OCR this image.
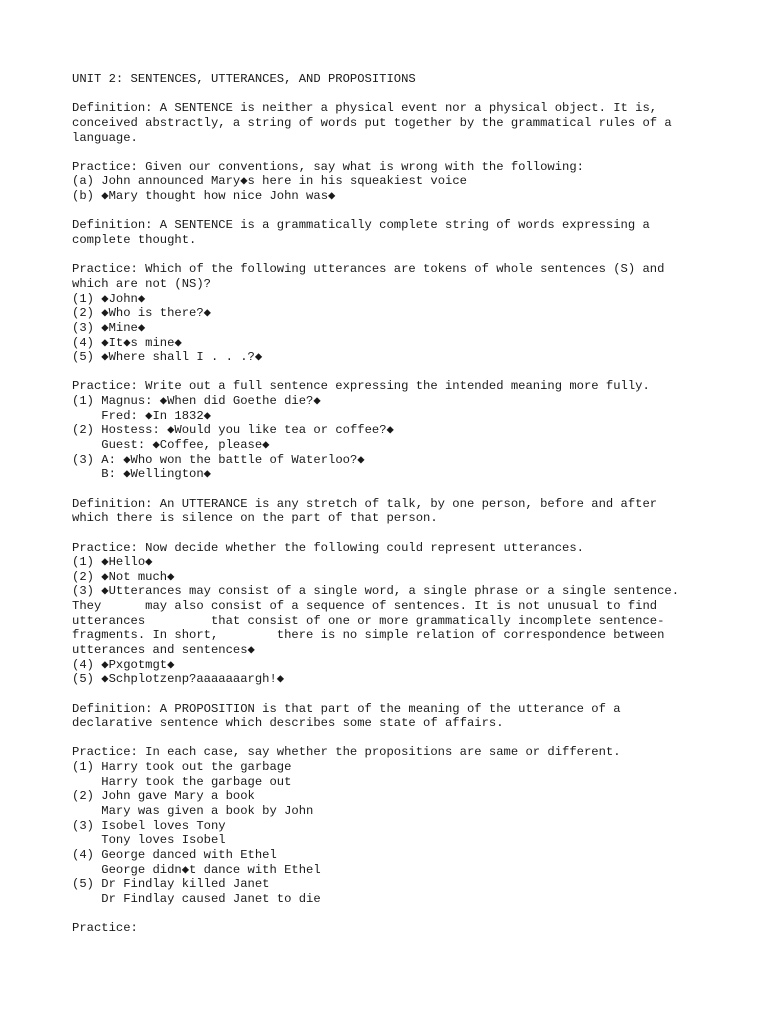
UNIT 2: SENTENCES, UTTERANCES, AND PROPOSITIONS
Definition: A SENTENCE is neither a physical event nor a physical object. It is,
conceived abstractly, a string of words put together by the grammatical rules of a
language.
Practice: Given our conventions, say what is wrong with the following:
(a) John announced Mary◆s here in his squeakiest voice
(b) ◆Mary thought how nice John was◆
Definition: A SENTENCE is a grammatically complete string of words expressing a
complete thought.
Practice: Which of the following utterances are tokens of whole sentences (S) and
which are not (NS)?
(1) ◆John◆
(2) ◆Who is there?◆
(3) ◆Mine◆
(4) ◆It◆s mine◆
(5) ◆Where shall I . . .?◆
Practice: Write out a full sentence expressing the intended meaning more fully.
(1) Magnus: ◆When did Goethe die?◆
Fred: ◆In 1832◆
(2) Hostess: ◆Would you like tea or coffee?◆
Guest: ◆Coffee, please◆
(3) A: ◆Who won the battle of Waterloo?◆
B: ◆Wellington◆
Definition: An UTTERANCE is any stretch of talk, by one person, before and after
which there is silence on the part of that person.
Practice: Now decide whether the following could represent utterances.
(1) ◆Hello◆
(2) ◆Not much◆
(3) ◆Utterances may consist of a single word, a single phrase or a single sentence.
They      may also consist of a sequence of sentences. It is not unusual to find
utterances         that consist of one or more grammatically incomplete sentence-
fragments. In short,        there is no simple relation of correspondence between
utterances and sentences◆
(4) ◆Pxgotmgt◆
(5) ◆Schplotzenp?aaaaaaargh!◆
Definition: A PROPOSITION is that part of the meaning of the utterance of a
declarative sentence which describes some state of affairs.
Practice: In each case, say whether the propositions are same or different.
(1) Harry took out the garbage
Harry took the garbage out
(2) John gave Mary a book
Mary was given a book by John
(3) Isobel loves Tony
Tony loves Isobel
(4) George danced with Ethel
George didn◆t dance with Ethel
(5) Dr Findlay killed Janet
Dr Findlay caused Janet to die
Practice:
